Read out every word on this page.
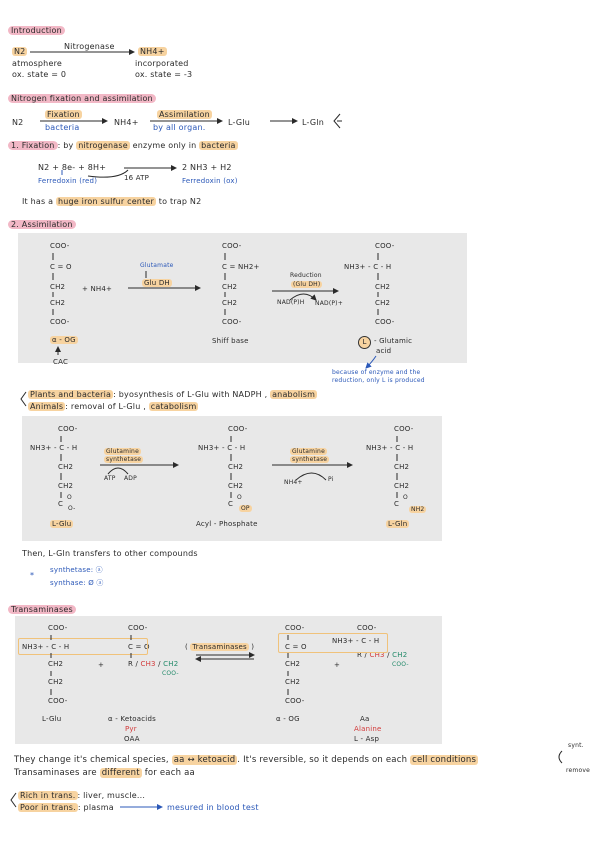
Introduction
N2
Nitrogenase
NH4+
atmosphere
ox. state = 0
incorporated
ox. state = -3
Nitrogen fixation and assimilation
N2
Fixation
bacteria
NH4+
Assimilation
by all organ.
L-Glu	L-Gln
1. Fixation : by nitrogenase enzyme only in bacteria
N2 + 8e- + 8H+
Ferredoxin (red)	16 ATP
2 NH3 + H2
Ferredoxin (ox)
It has a huge iron sulfur center to trap N2
2. Assimilation
COO-
C = O
CH2
CH2
COO-
α - OG
CAC
+ NH4+
Glutamate
Glu DH
COO-
C = NH2+
CH2
CH2
COO-
Shiff base
Reduction
(Glu DH)
NAD(P)H NAD(P)+
COO-
NH3+ - C - H
CH2
CH2
COO-
L	- Glutamic
acid
because of enzyme and the
reduction, only L is produced
Plants and bacteria : byosynthesis of L-Glu with NADPH , anabolism
Animals : removal of L-Glu , catabolism
COO-
NH3+ - C - H
CH2
CH2
C
O
O-
L-Glu
Glutamine
synthetase
ATP ADP
COO-
NH3+ - C - H
CH2
CH2
C
O
OP
Acyl - Phosphate
Glutamine
synthetase
NH4+	Pi
COO-
NH3+ - C - H
CH2
CH2
C
O
NH2
L-Gln
Then, L-Gln transfers to other compounds
synthetase: ⓐ
synthase: Ø ⓐ
*
Transaminases
COO-
NH3+ - C - H
CH2
CH2
COO-
L-Glu
+
COO-
C = O
R / CH3 / CH2
COO-
α - Ketoacids
Pyr
OAA
( Transaminases )
COO-
C = O
CH2
CH2
COO-
α - OG
+
COO-
NH3+ - C - H
R / CH3 / CH2
COO-
Aa
Alanine
L - Asp
They change it's chemical species, aa ↔ ketoacid . It's reversible, so it depends on each cell conditions
synt.
remove
Transaminases are different for each aa
Rich in trans. : liver, muscle...
Poor in trans. : plasma	mesured in blood test
